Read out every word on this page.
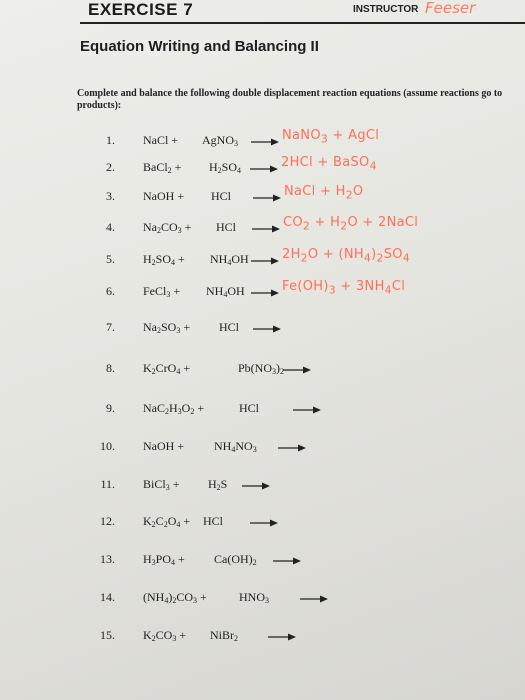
EXERCISE 7	INSTRUCTOR Feeser
Equation Writing and Balancing II
Complete and balance the following double displacement reaction equations (assume reactions go to products):
1. NaCl + AgNO$_3$ → NaNO$_3$ + AgCl
2. BaCl$_2$ + $H_2SO_4 \to 2HCl$ + BaSO$_4$
3. NaOH + HCl → NaCl + $H_2O$
4. $Na_2CO_3$ + HCl → $CO_2 + H_2O$ + 2NaCl
5. $H_2SO_4 + NH_4OH \to 2H_2O + (NH_4)_2SO_4$
6. FeCl$_3$ + $NH_4OH \to Fe(OH)_3 + 3NH_4Cl$
7. $Na_2SO_3$ + HCl →
8. $K_2CrO_4$ +	$Pb(NO_3)_2$
9. $NaC_2H_3O_2$ +	HCl
10. NaOH + $NH_4NO_3$ →
11. BiCl$_3$ + $H_2S$ →
12. $K_2C_2O_4$ + HCl
13. $H_3PO_4 + Ca(OH)_2$ →
14. $(NH_4)_2CO_3$ +	$HNO_3$
15. $K_2CO_3$ + NiBr$_2$
